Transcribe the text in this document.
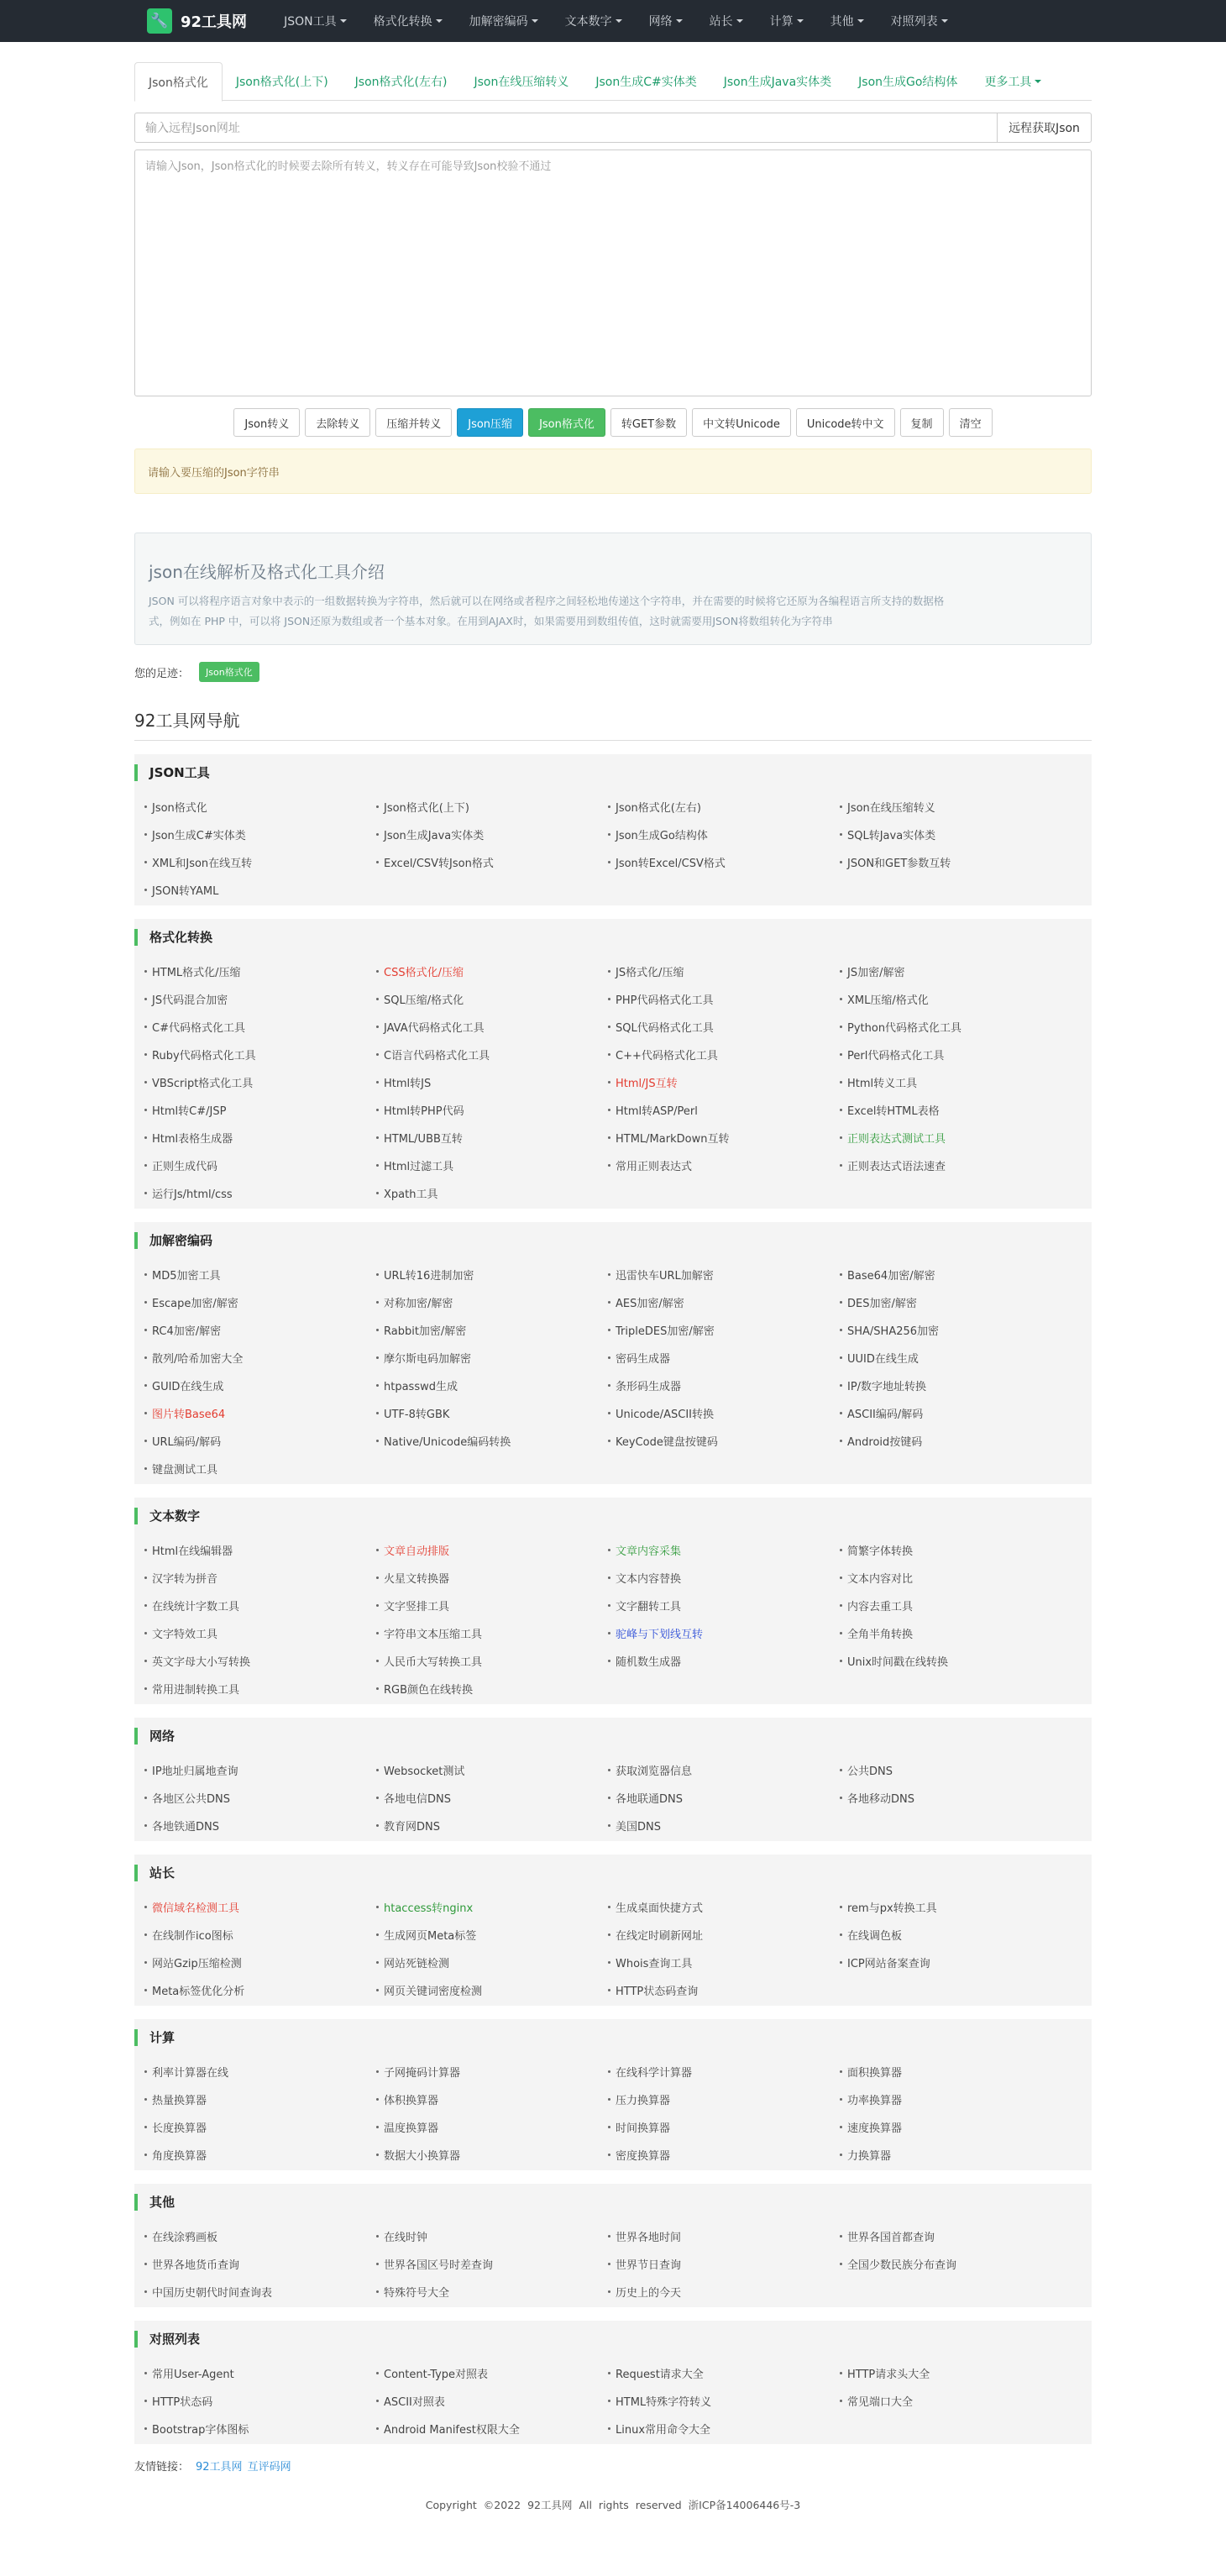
🔧 92工具网	JSON工具	格式化转换	加解密编码	文本数字	网络	站长	计算	其他	对照列表
Json格式化 Json格式化(上下) Json格式化(左右) Json在线压缩转义 Json生成C#实体类 Json生成Java实体类 Json生成Go结构体 更多工具
输入远程Json网址	远程获取Json
请输入Json，Json格式化的时候要去除所有转义，转义存在可能导致Json校验不通过
Json转义	去除转义	压缩并转义	Json压缩	Json格式化	转GET参数	中文转Unicode	Unicode转中文	复制	清空
请输入要压缩的Json字符串
json在线解析及格式化工具介绍
JSON 可以将程序语言对象中表示的一组数据转换为字符串，然后就可以在网络或者程序之间轻松地传递这个字符串，并在需要的时候将它还原为各编程语言所支持的数据格
式，例如在 PHP 中，可以将 JSON还原为数组或者一个基本对象。在用到AJAX时，如果需要用到数组传值，这时就需要用JSON将数组转化为字符串
您的足迹：	Json格式化
92工具网导航
JSON工具
Json格式化	Json格式化(上下)	Json格式化(左右)	Json在线压缩转义
Json生成C#实体类	Json生成Java实体类	Json生成Go结构体	SQL转Java实体类
XML和Json在线互转	Excel/CSV转Json格式	Json转Excel/CSV格式	JSON和GET参数互转
JSON转YAML
格式化转换
HTML格式化/压缩	CSS格式化/压缩	JS格式化/压缩	JS加密/解密
JS代码混合加密	SQL压缩/格式化	PHP代码格式化工具	XML压缩/格式化
C#代码格式化工具	JAVA代码格式化工具	SQL代码格式化工具	Python代码格式化工具
Ruby代码格式化工具	C语言代码格式化工具	C++代码格式化工具	Perl代码格式化工具
VBScript格式化工具	Html转JS	Html/JS互转	Html转义工具
Html转C#/JSP	Html转PHP代码	Html转ASP/Perl	Excel转HTML表格
Html表格生成器	HTML/UBB互转	HTML/MarkDown互转	正则表达式测试工具
正则生成代码	Html过滤工具	常用正则表达式	正则表达式语法速查
运行Js/html/css	Xpath工具
加解密编码
MD5加密工具	URL转16进制加密	迅雷快车URL加解密	Base64加密/解密
Escape加密/解密	对称加密/解密	AES加密/解密	DES加密/解密
RC4加密/解密	Rabbit加密/解密	TripleDES加密/解密	SHA/SHA256加密
散列/哈希加密大全	摩尔斯电码加解密	密码生成器	UUID在线生成
GUID在线生成	htpasswd生成	条形码生成器	IP/数字地址转换
图片转Base64	UTF-8转GBK	Unicode/ASCII转换	ASCII编码/解码
URL编码/解码	Native/Unicode编码转换	KeyCode键盘按键码	Android按键码
键盘测试工具
文本数字
Html在线编辑器	文章自动排版	文章内容采集	简繁字体转换
汉字转为拼音	火星文转换器	文本内容替换	文本内容对比
在线统计字数工具	文字竖排工具	文字翻转工具	内容去重工具
文字特效工具	字符串文本压缩工具	驼峰与下划线互转	全角半角转换
英文字母大小写转换	人民币大写转换工具	随机数生成器	Unix时间戳在线转换
常用进制转换工具	RGB颜色在线转换
网络
IP地址归属地查询	Websocket测试	获取浏览器信息	公共DNS
各地区公共DNS	各地电信DNS	各地联通DNS	各地移动DNS
各地铁通DNS	教育网DNS	美国DNS
站长
微信域名检测工具	htaccess转nginx	生成桌面快捷方式	rem与px转换工具
在线制作ico图标	生成网页Meta标签	在线定时刷新网址	在线调色板
网站Gzip压缩检测	网站死链检测	Whois查询工具	ICP网站备案查询
Meta标签优化分析	网页关键词密度检测	HTTP状态码查询
计算
利率计算器在线	子网掩码计算器	在线科学计算器	面积换算器
热量换算器	体积换算器	压力换算器	功率换算器
长度换算器	温度换算器	时间换算器	速度换算器
角度换算器	数据大小换算器	密度换算器	力换算器
其他
在线涂鸦画板	在线时钟	世界各地时间	世界各国首都查询
世界各地货币查询	世界各国区号时差查询	世界节日查询	全国少数民族分布查询
中国历史朝代时间查询表	特殊符号大全	历史上的今天
对照列表
常用User-Agent	Content-Type对照表	Request请求大全	HTTP请求头大全
HTTP状态码	ASCII对照表	HTML特殊字符转义	常见端口大全
Bootstrap字体图标	Android Manifest权限大全	Linux常用命令大全
友情链接： 92工具网 互评码网
Copyright ©2022 92工具网 All rights reserved 浙ICP备14006446号-3
